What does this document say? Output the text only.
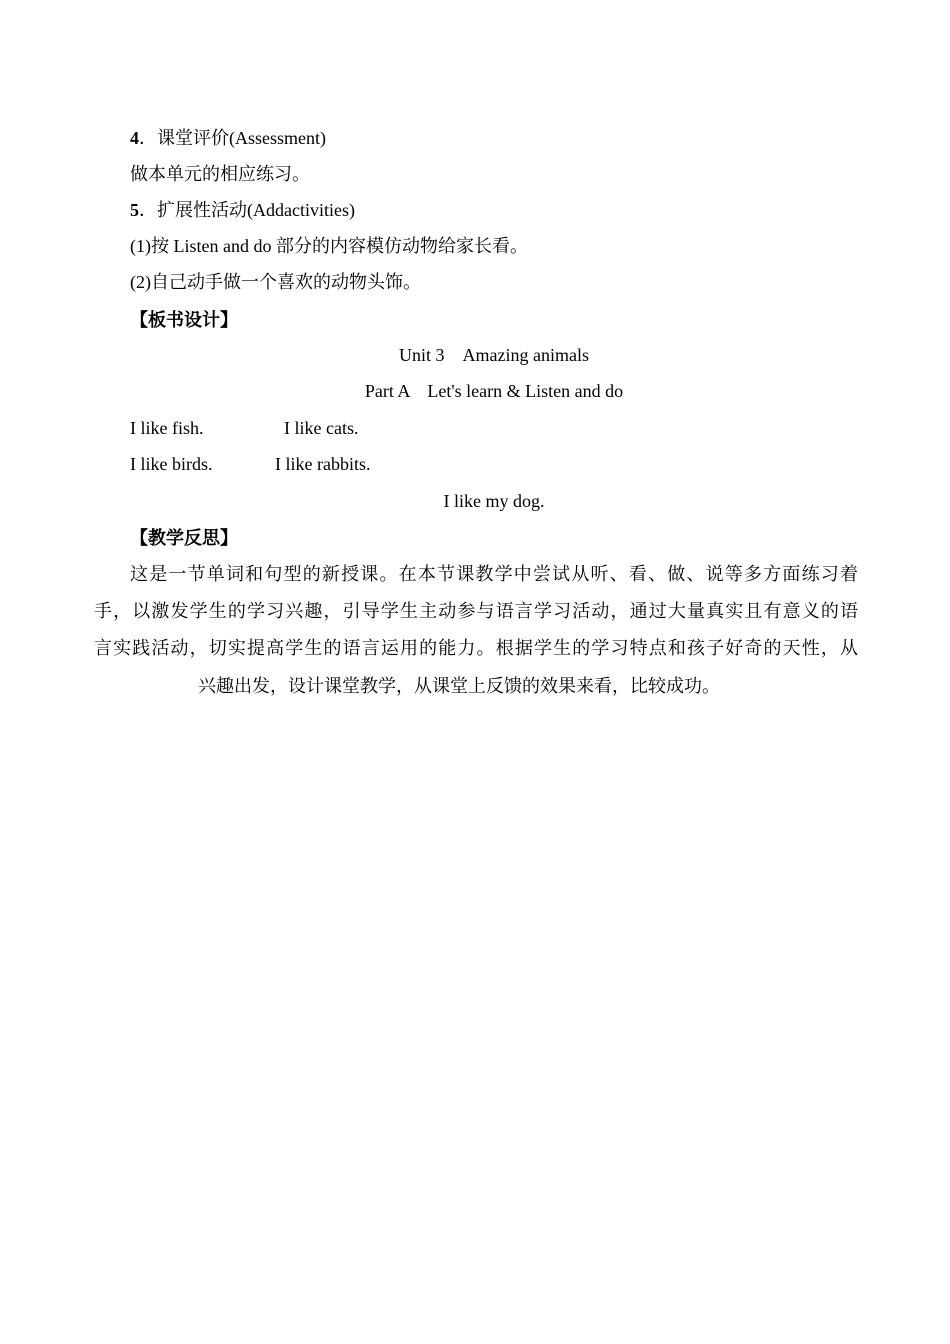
4．课堂评价(Assessment)
做本单元的相应练习。
5．扩展性活动(Addactivities)
(1)按 Listen and do 部分的内容模仿动物给家长看。
(2)自己动手做一个喜欢的动物头饰。
【板书设计】
Unit 3　Amazing animals
Part A　Let's learn & Listen and do
I like fish.	I like cats.
I like birds.	I like rabbits.
I like my dog.
【教学反思】
这是一节单词和句型的新授课。在本节课教学中尝试从听、看、做、说等多方面练习着
手，以激发学生的学习兴趣，引导学生主动参与语言学习活动，通过大量真实且有意义的语
言实践活动，切实提高学生的语言运用的能力。根据学生的学习特点和孩子好奇的天性，从
兴趣出发，设计课堂教学，从课堂上反馈的效果来看，比较成功。
